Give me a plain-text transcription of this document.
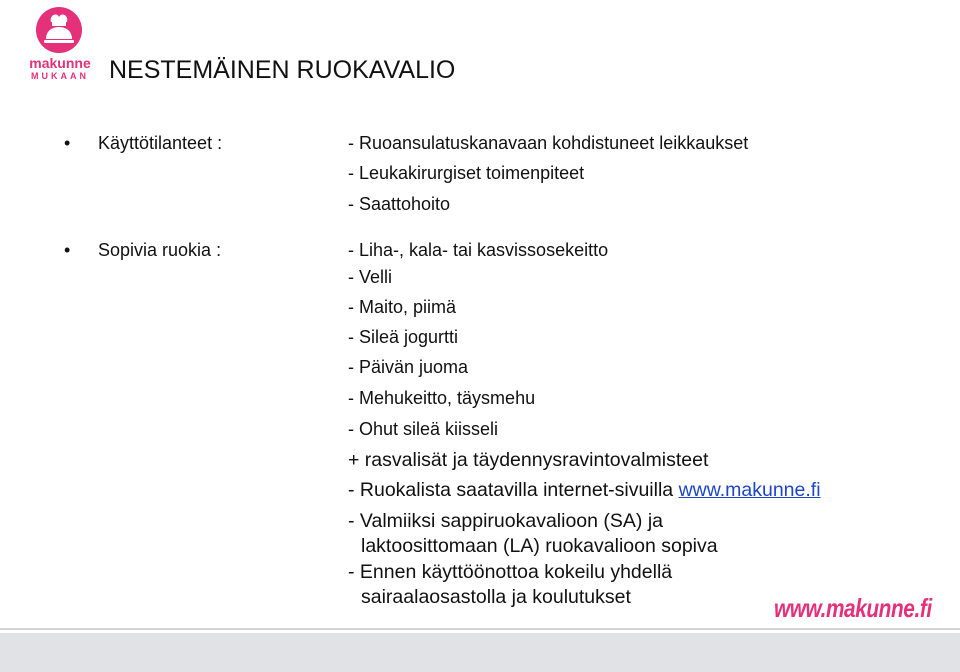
makunne
MUKAAN NESTEMÄINEN RUOKAVALIO
• Käyttötilanteet :	- Ruoansulatuskanavaan kohdistuneet leikkaukset
- Leukakirurgiset toimenpiteet
- Saattohoito
• Sopivia ruokia :	- Liha-, kala- tai kasvissosekeitto
- Velli
- Maito, piimä
- Sileä jogurtti
- Päivän juoma
- Mehukeitto, täysmehu
- Ohut sileä kiisseli
+ rasvalisät ja täydennysravintovalmisteet
- Ruokalista saatavilla internet-sivuilla www.makunne.fi
- Valmiiksi sappiruokavalioon (SA) ja
laktoosittomaan (LA) ruokavalioon sopiva
- Ennen käyttöönottoa kokeilu yhdellä
sairaalaosastolla ja koulutukset	www.makunne.fi
